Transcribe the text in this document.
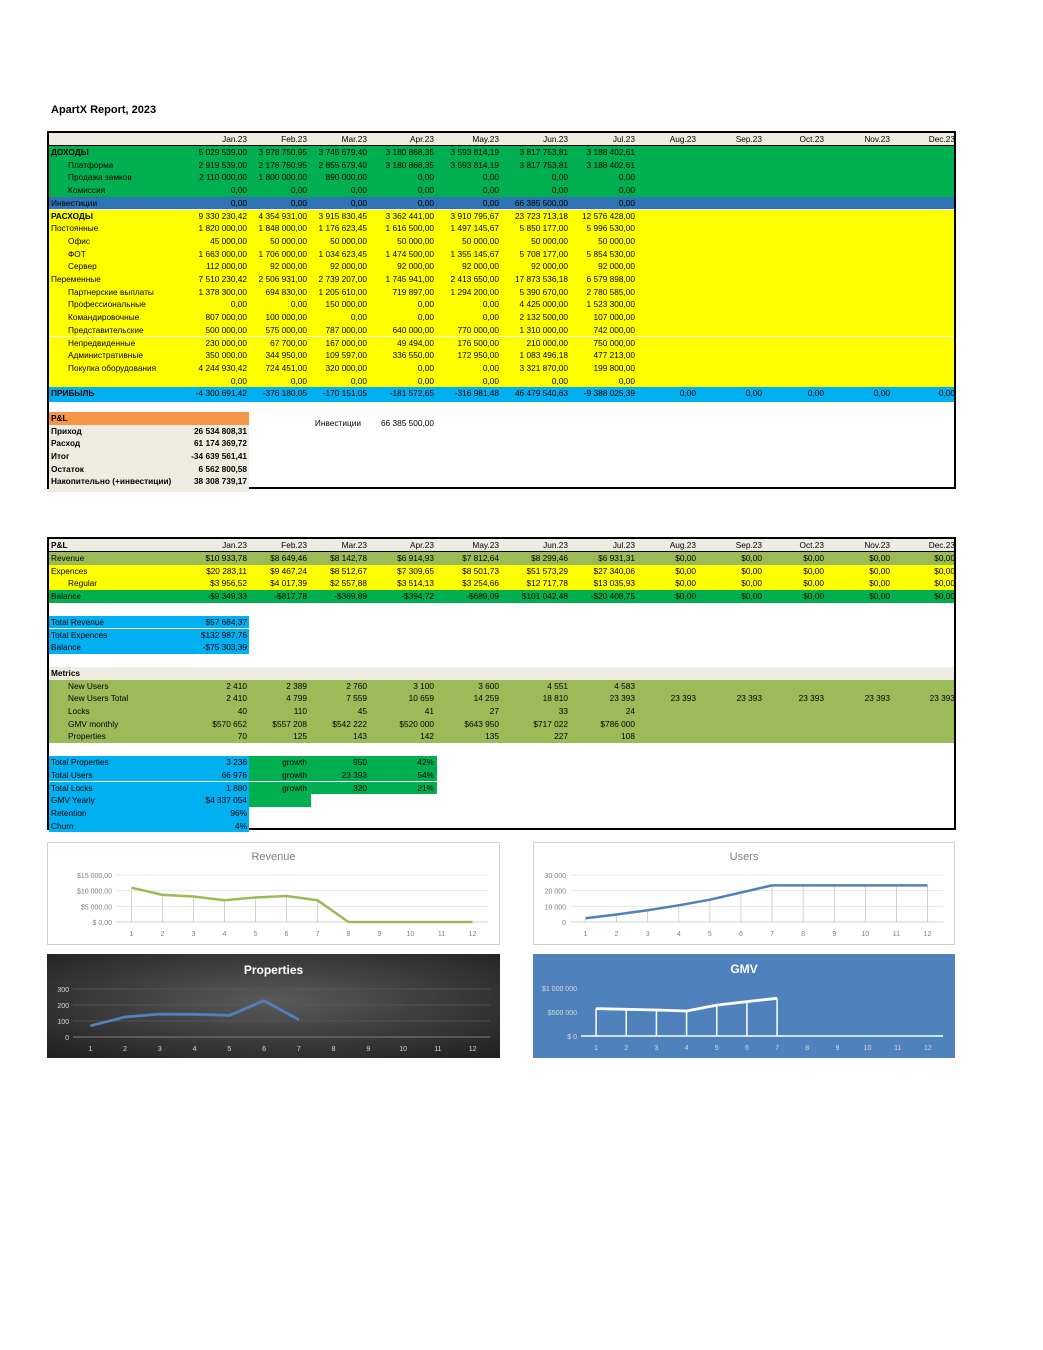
ApartX Report, 2023
Jan.23	Feb.23	Mar.23	Apr.23	May.23	Jun.23	Jul.23	Aug.23	Sep.23	Oct.23	Nov.23	Dec.23
ДОХОДЫ	5 029 539,00	3 978 750,95	3 745 679,40	3 180 868,35	3 593 814,19	3 817 753,81	3 188 402,61
Платформа	2 919 539,00	2 178 750,95	2 855 679,40	3 180 868,35	3 593 814,19	3 817 753,81	3 188 402,61
Продажа замков	2 110 000,00	1 800 000,00	890 000,00	0,00	0,00	0,00	0,00
Комиссия	0,00	0,00	0,00	0,00	0,00	0,00	0,00
Инвестиции	0,00	0,00	0,00	0,00	0,00	66 385 500,00	0,00
РАСХОДЫ	9 330 230,42	4 354 931,00	3 915 830,45	3 362 441,00	3 910 795,67	23 723 713,18	12 576 428,00
Постоянные	1 820 000,00	1 848 000,00	1 176 623,45	1 616 500,00	1 497 145,67	5 850 177,00	5 996 530,00
Офис	45 000,00	50 000,00	50 000,00	50 000,00	50 000,00	50 000,00	50 000,00
ФОТ	1 663 000,00	1 706 000,00	1 034 623,45	1 474 500,00	1 355 145,67	5 708 177,00	5 854 530,00
Сервер	112 000,00	92 000,00	92 000,00	92 000,00	92 000,00	92 000,00	92 000,00
Переменные	7 510 230,42	2 506 931,00	2 739 207,00	1 745 941,00	2 413 650,00	17 873 536,18	6 579 898,00
Партнерские выплаты	1 378 300,00	694 830,00	1 205 610,00	719 897,00	1 294 200,00	5 390 670,00	2 780 585,00
Профессиональные	0,00	0,00	150 000,00	0,00	0,00	4 425 000,00	1 523 300,00
Командировочные	807 000,00	100 000,00	0,00	0,00	0,00	2 132 500,00	107 000,00
Представительские	500 000,00	575 000,00	787 000,00	640 000,00	770 000,00	1 310 000,00	742 000,00
Непредвиденные	230 000,00	67 700,00	167 000,00	49 494,00	176 500,00	210 000,00	750 000,00
Административные	350 000,00	344 950,00	109 597,00	336 550,00	172 950,00	1 083 496,18	477 213,00
Покупка оборудования	4 244 930,42	724 451,00	320 000,00	0,00	0,00	3 321 870,00	199 800,00
0,00	0,00	0,00	0,00	0,00	0,00	0,00
ПРИБЫЛЬ	-4 300 691,42	-376 180,05	-170 151,05	-181 572,65	-316 981,48	46 479 540,63	-9 388 025,39	0,00	0,00	0,00	0,00	0,00
P&L
Приход	26 534 808,31
Расход	61 174 369,72
Итог	-34 639 561,41
Остаток	6 562 800,58
Накопительно (+инвестиции)	38 308 739,17
Инвестиции	66 385 500,00
P&L	Jan.23	Feb.23	Mar.23	Apr.23	May.23	Jun.23	Jul.23	Aug.23	Sep.23	Oct.23	Nov.23	Dec.23
Revenue	$10 933,78	$8 649,46	$8 142,78	$6 914,93	$7 812,64	$8 299,46	$6 931,31	$0,00	$0,00	$0,00	$0,00	$0,00
Expences	$20 283,11	$9 467,24	$8 512,67	$7 309,65	$8 501,73	$51 573,29	$27 340,06	$0,00	$0,00	$0,00	$0,00	$0,00
Regular	$3 956,52	$4 017,39	$2 557,88	$3 514,13	$3 254,66	$12 717,78	$13 035,93	$0,00	$0,00	$0,00	$0,00	$0,00
Balance	-$9 349,33	-$817,78	-$369,89	-$394,72	-$689,09	$101 042,48	-$20 408,75	$0,00	$0,00	$0,00	$0,00	$0,00
Total Revenue	$57 684,37
Total Expences	$132 987,76
Balance	-$75 303,39
Metrics
New Users	2 410	2 389	2 760	3 100	3 600	4 551	4 583
New Users Total	2 410	4 799	7 559	10 659	14 259	18 810	23 393	23 393	23 393	23 393	23 393	23 393
Locks	40	110	45	41	27	33	24
GMV monthly	$570 652	$557 208	$542 222	$520 000	$643 950	$717 022	$786 000
Properties	70	125	143	142	135	227	108
Total Properties	3 236	growth	950	42%
Total Users	66 976	growth	23 393	54%
Total Locks	1 880	growth	320	21%
GMV Yearly	$4 337 054
Retention	96%
Churn	4%
Revenue
$ 0,00
$5 000,00
$10 000,00
$15 000,00
1	2	3	4	5	6	7	8	9	10	11	12
Users
0
10 000
20 000
30 000
1	2	3	4	5	6	7	8	9	10	11	12
Properties
0
100
200
300
1	2	3	4	5	6	7	8	9	10	11	12
GMV
$ 0
$500 000
$1 000 000
1	2	3	4	5	6	7	8	9	10	11	12
